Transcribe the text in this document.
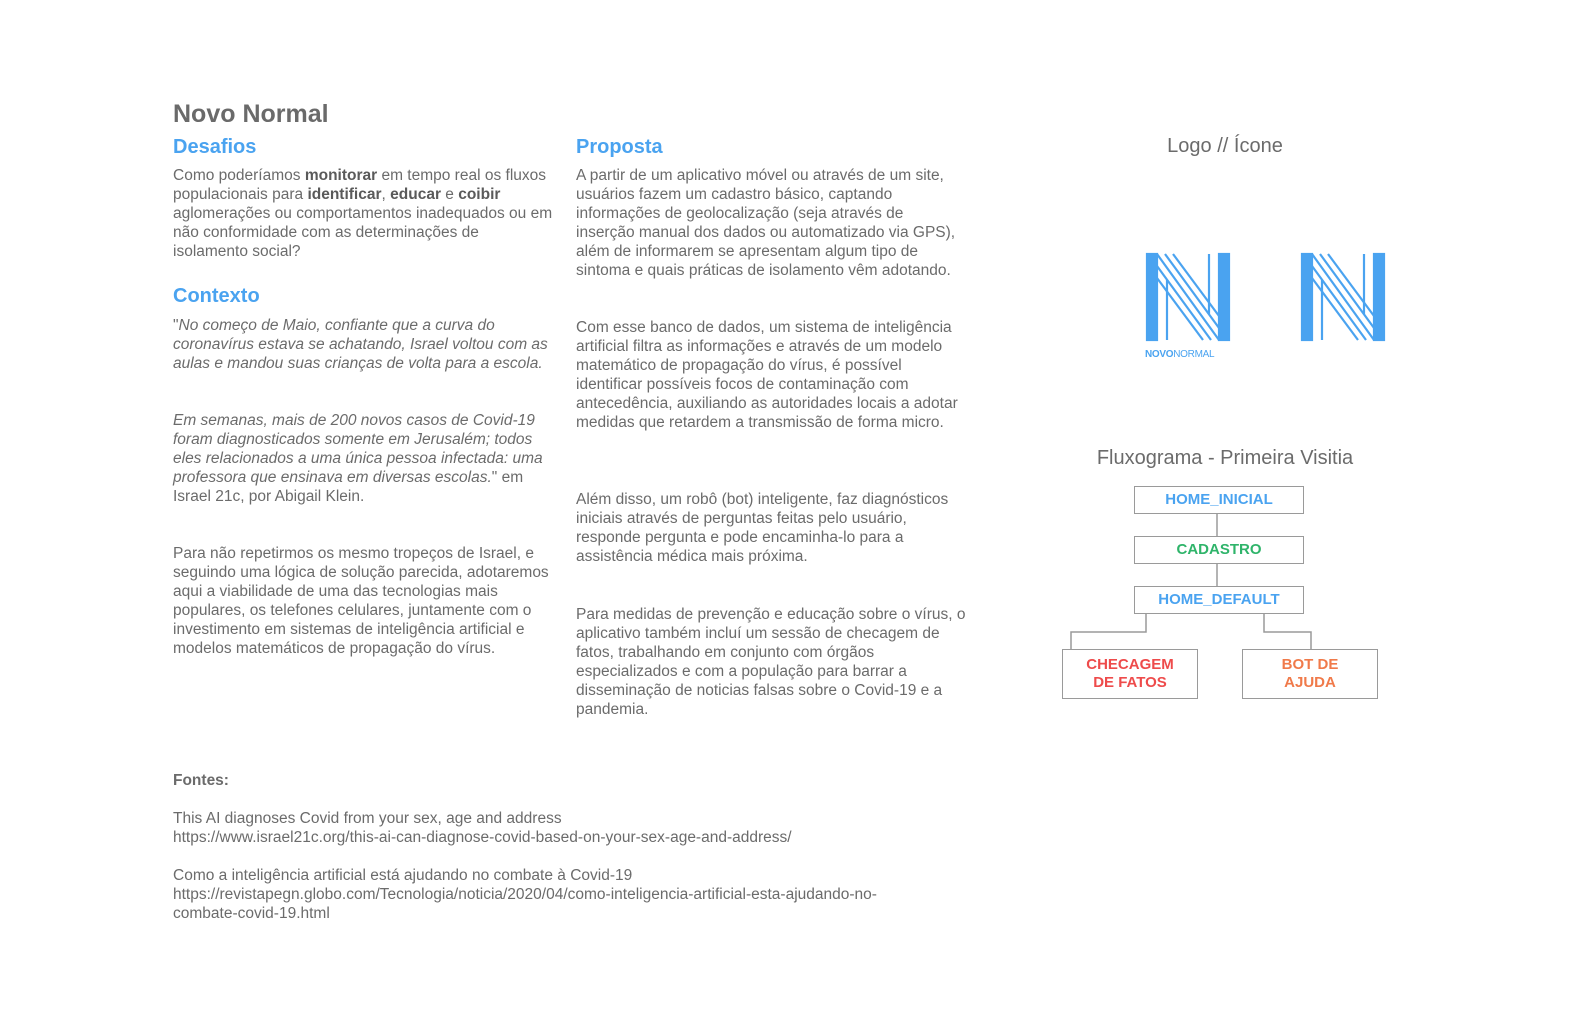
Novo Normal
Desafios

Como poderíamos monitorar em tempo real os fluxos populacionais para identificar, educar e coibir aglomerações ou comportamentos inadequados ou em não conformidade com as determinações de isolamento social?

Contexto

"No começo de Maio, confiante que a curva do coronavírus estava se achatando, Israel voltou com as aulas e mandou suas crianças de volta para a escola.

Em semanas, mais de 200 novos casos de Covid-19 foram diagnosticados somente em Jerusalém; todos eles relacionados a uma única pessoa infectada: uma professora que ensinava em diversas escolas." em Israel 21c, por Abigail Klein.

Para não repetirmos os mesmo tropeços de Israel, e seguindo uma lógica de solução parecida, adotaremos aqui a viabilidade de uma das tecnologias mais populares, os telefones celulares, juntamente com o investimento em sistemas de inteligência artificial e modelos matemáticos de propagação do vírus.

Proposta

A partir de um aplicativo móvel ou através de um site, usuários fazem um cadastro básico, captando informações de geolocalização (seja através de inserção manual dos dados ou automatizado via GPS), além de informarem se apresentam algum tipo de sintoma e quais práticas de isolamento vêm adotando.

Com esse banco de dados, um sistema de inteligência artificial filtra as informações e através de um modelo matemático de propagação do vírus, é possível identificar possíveis focos de contaminação com antecedência, auxiliando as autoridades locais a adotar medidas que retardem a transmissão de forma micro.

Além disso, um robô (bot) inteligente, faz diagnósticos iniciais através de perguntas feitas pelo usuário, responde pergunta e pode encaminha-lo para a assistência médica mais próxima.

Para medidas de prevenção e educação sobre o vírus, o aplicativo também incluí um sessão de checagem de fatos, trabalhando em conjunto com órgãos especializados e com a população para barrar a disseminação de noticias falsas sobre o Covid-19 e a pandemia.

Logo // Ícone
NOVONORMAL
Fluxograma - Primeira Visitia
HOME_INICIAL
CADASTRO
HOME_DEFAULT
CHECAGEM DE FATOS
BOT DE AJUDA
Fontes:
This AI diagnoses Covid from your sex, age and address
https://www.israel21c.org/this-ai-can-diagnose-covid-based-on-your-sex-age-and-address/
Como a inteligência artificial está ajudando no combate à Covid-19
https://revistapegn.globo.com/Tecnologia/noticia/2020/04/como-inteligencia-artificial-esta-ajudando-no-combate-covid-19.html
